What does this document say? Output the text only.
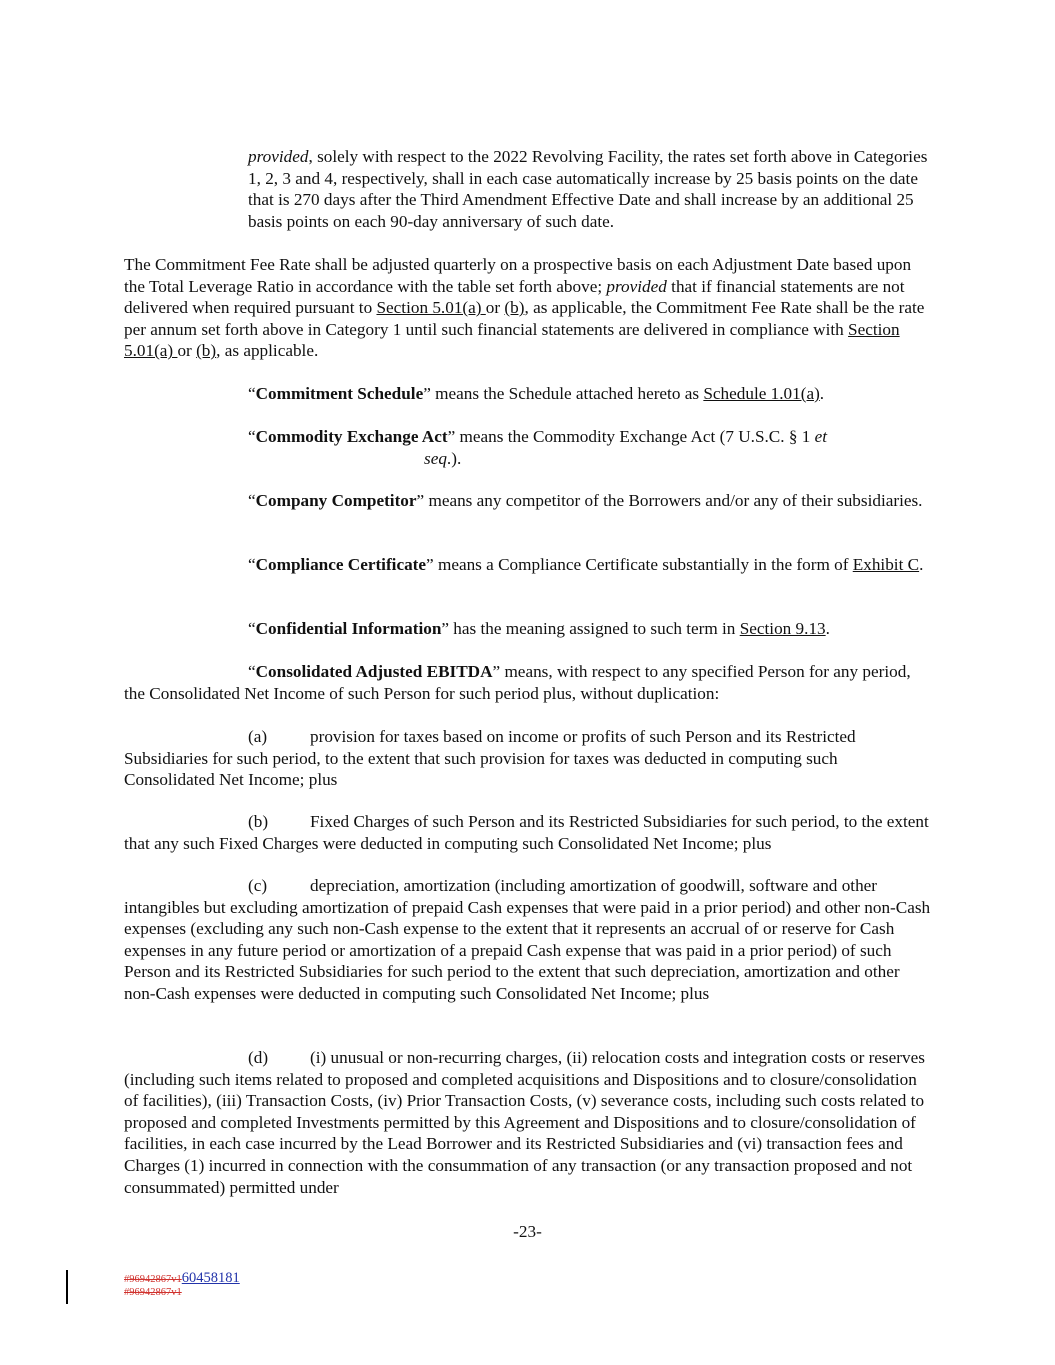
provided, solely with respect to the 2022 Revolving Facility, the rates set forth above in Categories 1, 2, 3 and 4, respectively, shall in each case automatically increase by 25 basis points on the date that is 270 days after the Third Amendment Effective Date and shall increase by an additional 25 basis points on each 90-day anniversary of such date.

The Commitment Fee Rate shall be adjusted quarterly on a prospective basis on each Adjustment Date based upon the Total Leverage Ratio in accordance with the table set forth above; provided that if financial statements are not delivered when required pursuant to Section 5.01(a) or (b), as applicable, the Commitment Fee Rate shall be the rate per annum set forth above in Category 1 until such financial statements are delivered in compliance with Section 5.01(a) or (b), as applicable.

“Commitment Schedule” means the Schedule attached hereto as Schedule 1.01(a).

“Commodity Exchange Act” means the Commodity Exchange Act (7 U.S.C. § 1 etseq.).

“Company Competitor” means any competitor of the Borrowers and/or any of their subsidiaries.

“Compliance Certificate” means a Compliance Certificate substantially in the form of Exhibit C.

“Confidential Information” has the meaning assigned to such term in Section 9.13.

“Consolidated Adjusted EBITDA” means, with respect to any specified Person for any period, the Consolidated Net Income of such Person for such period plus, without duplication:

(a) provision for taxes based on income or profits of such Person and its Restricted Subsidiaries for such period, to the extent that such provision for taxes was deducted in computing such Consolidated Net Income; plus

(b) Fixed Charges of such Person and its Restricted Subsidiaries for such period, to the extent that any such Fixed Charges were deducted in computing such Consolidated Net Income; plus

(c) depreciation, amortization (including amortization of goodwill, software and other intangibles but excluding amortization of prepaid Cash expenses that were paid in a prior period) and other non-Cash expenses (excluding any such non-Cash expense to the extent that it represents an accrual of or reserve for Cash expenses in any future period or amortization of a prepaid Cash expense that was paid in a prior period) of such Person and its Restricted Subsidiaries for such period to the extent that such depreciation, amortization and other non-Cash expenses were deducted in computing such Consolidated Net Income; plus

(d) (i) unusual or non-recurring charges, (ii) relocation costs and integration costs or reserves (including such items related to proposed and completed acquisitions and Dispositions and to closure/consolidation of facilities), (iii) Transaction Costs, (iv) Prior Transaction Costs, (v) severance costs, including such costs related to proposed and completed Investments permitted by this Agreement and Dispositions and to closure/consolidation of facilities, in each case incurred by the Lead Borrower and its Restricted Subsidiaries and (vi) transaction fees and Charges (1) incurred in connection with the consummation of any transaction (or any transaction proposed and not consummated) permitted under

-23-
#96942867v160458181
#96942867v1
